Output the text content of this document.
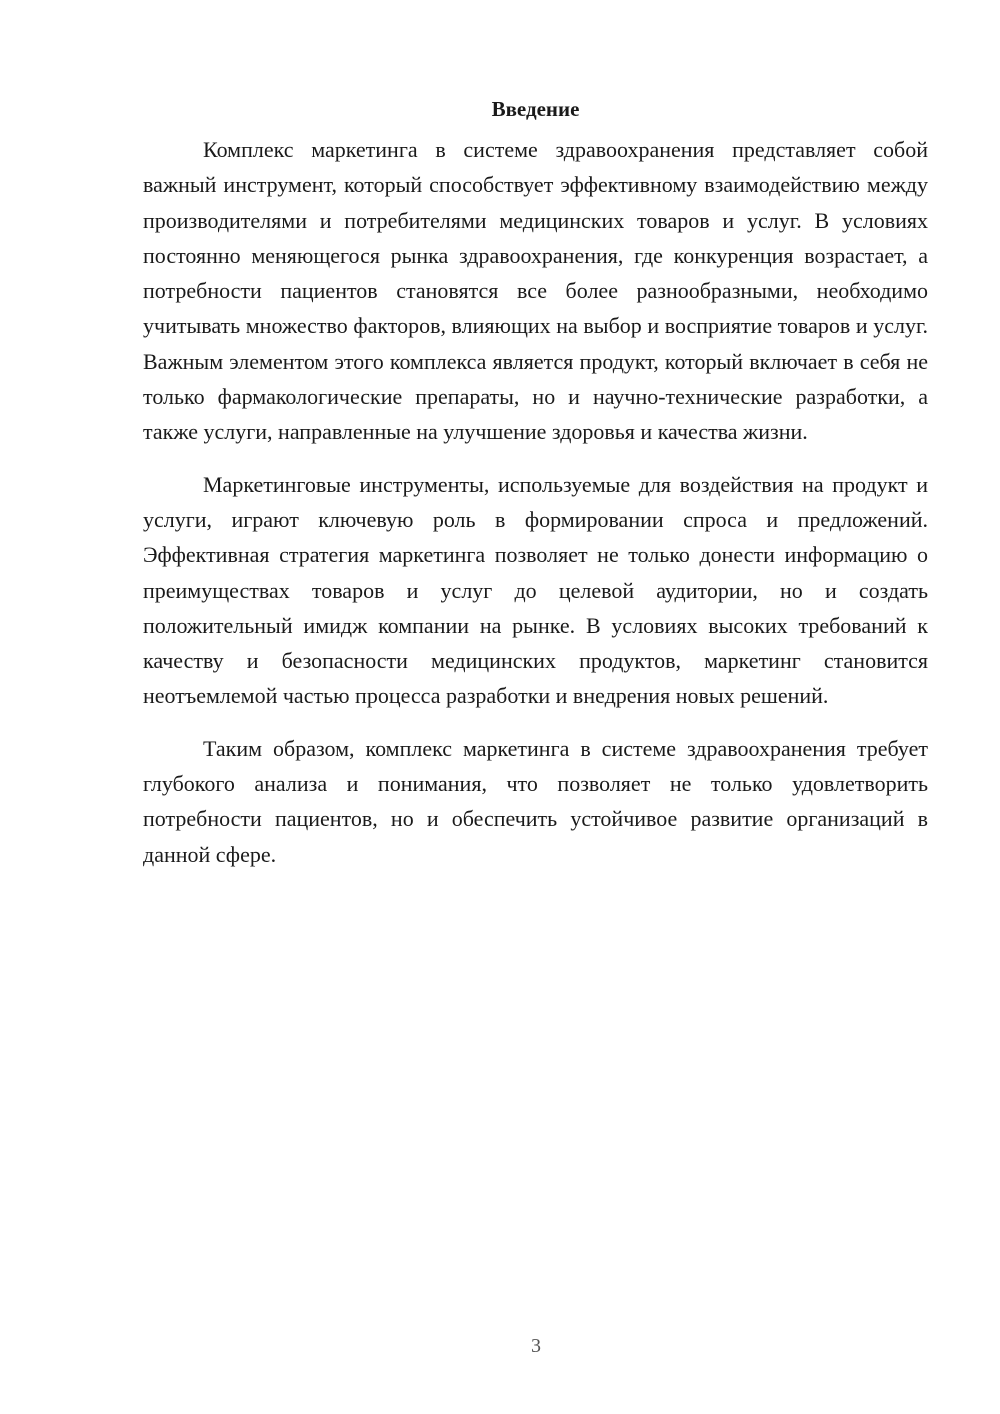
Введение

Комплекс маркетинга в системе здравоохранения представляет собой важный инструмент, который способствует эффективному взаимодействию между производителями и потребителями медицинских товаров и услуг. В условиях постоянно меняющегося рынка здравоохранения, где конкуренция возрастает, а потребности пациентов становятся все более разнообразными, необходимо учитывать множество факторов, влияющих на выбор и восприятие товаров и услуг. Важным элементом этого комплекса является продукт, который включает в себя не только фармакологические препараты, но и научно-технические разработки, а также услуги, направленные на улучшение здоровья и качества жизни.

Маркетинговые инструменты, используемые для воздействия на продукт и услуги, играют ключевую роль в формировании спроса и предложений. Эффективная стратегия маркетинга позволяет не только донести информацию о преимуществах товаров и услуг до целевой аудитории, но и создать положительный имидж компании на рынке. В условиях высоких требований к качеству и безопасности медицинских продуктов, маркетинг становится неотъемлемой частью процесса разработки и внедрения новых решений.

Таким образом, комплекс маркетинга в системе здравоохранения требует глубокого анализа и понимания, что позволяет не только удовлетворить потребности пациентов, но и обеспечить устойчивое развитие организаций в данной сфере.

3
